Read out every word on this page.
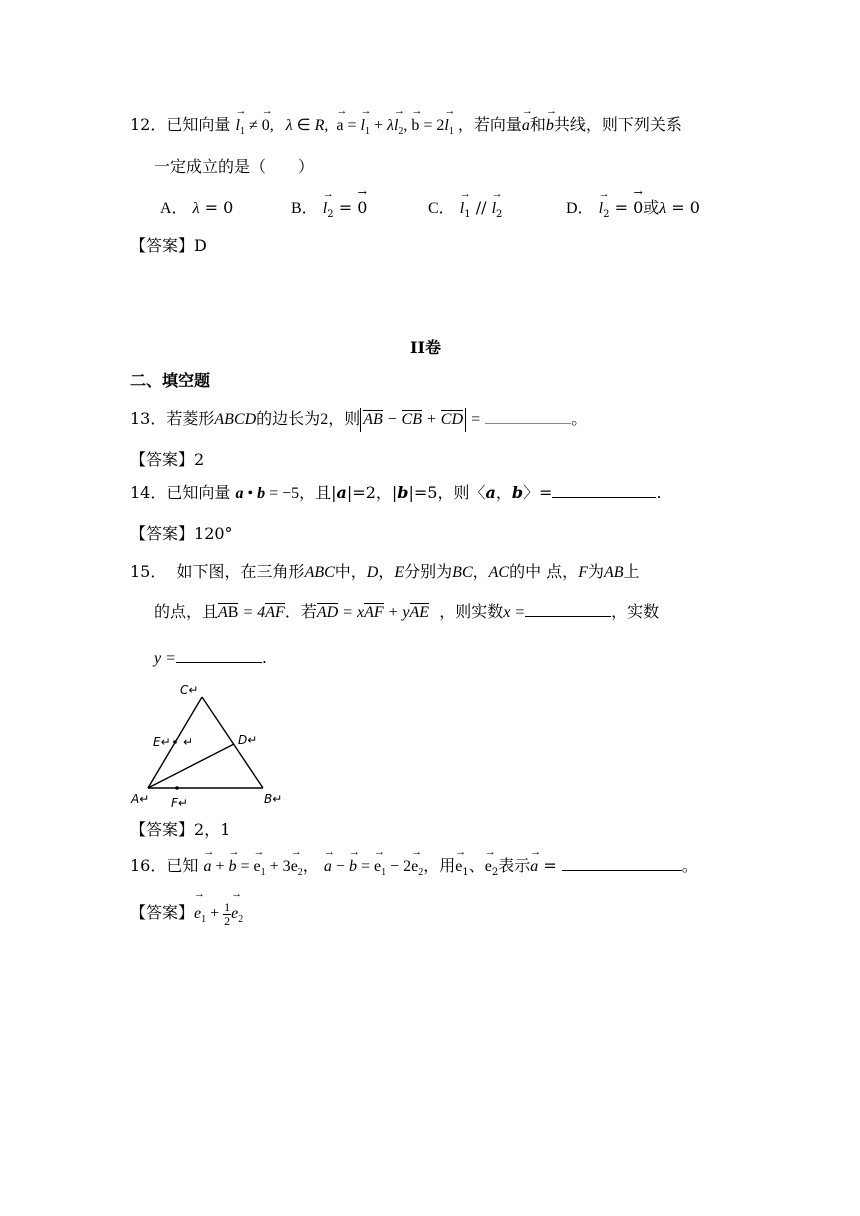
12．已知向量 → $l_1$ ≠ → 0,   λ ∈ R,  → a = → $l_1 + \lambda\to l_2$, → $b = 2\to l_1$ ，若向量→ a和→ b共线，则下列关系
一定成立的是（　　）
A． λ = 0	B． → $l_2$ = → 0	C． → $l_1$ // → $l_2$	D． → $l_2$ = → 0或λ = 0
【答案】D
II卷
二、填空题
13．若菱形ABCD的边长为2，则 AB − CB + CD =	。
【答案】2
14．已知向量 a • b = −5，且|a|=2，|b|=5，则〈a，b〉=	.
【答案】120°
15． 如下图，在三角形ABC中，D，E分别为BC，AC的中 点，F为AB上
的点，且AB = 4AF．若AD = xAF + yAE ，则实数x =	，实数
y =	.
C↵
E↵ ↵	D↵
A↵ F↵	B↵
【答案】2，1
16．已知 → a + → b = → $e_1 + 3\to e_2$， → a − → b = → $e_1 - 2\to e_2$，用→ $e_1$、→ $e_2$表示→ a =	。
【答案】→ $e_1 + \frac{1}{2}$
→ $e_2$
